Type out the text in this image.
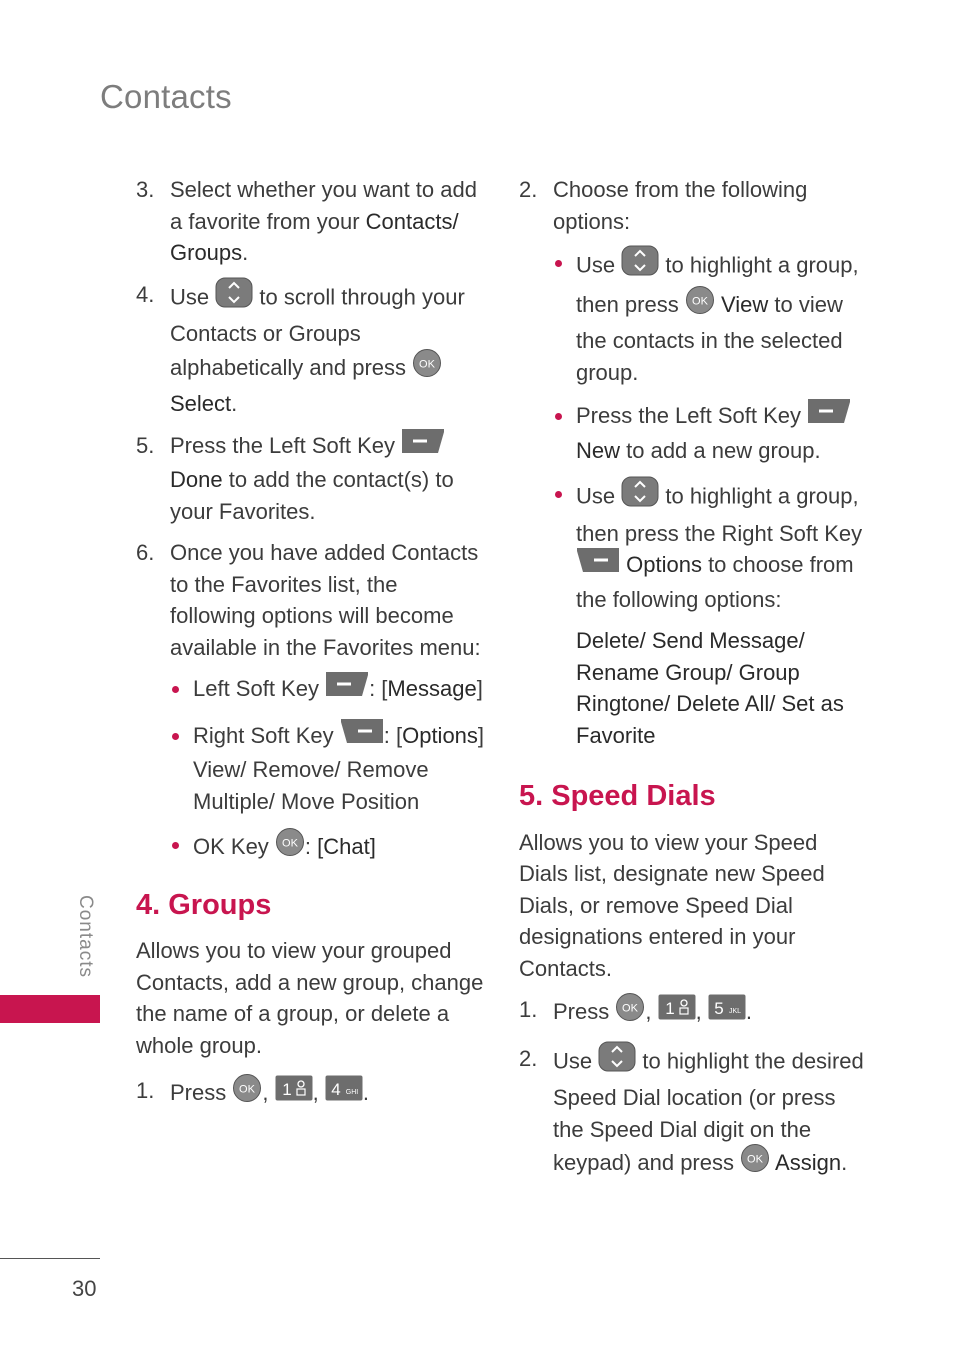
Contacts
Contacts
30
3. Select whether you want to add a favorite from your Contacts/ Groups.
4. Use  to scroll through your Contacts or Groups alphabetically and press OK
Select.
5. Press the Left Soft Key  Done to add the contact(s) to your Favorites.
6. Once you have added Contacts to the Favorites list, the following options will become available in the Favorites menu:
Left Soft Key : [Message]
Right Soft Key : [Options]
View/ Remove/ Remove Multiple/ Move Position
OK Key OK : [Chat]
4. Groups
Allows you to view your grouped Contacts, add a new group, change the name of a group, or delete a whole group.
1. Press OK , 1 , 4 GHI .
2. Choose from the following options:
Use  to highlight a group, then press OK View to view the contacts in the selected group.
Press the Left Soft Key  New to add a new group.
Use  to highlight a group, then press the Right Soft Key  Options to choose from the following options:
Delete/ Send Message/ Rename Group/ Group Ringtone/ Delete All/ Set as Favorite
5. Speed Dials
Allows you to view your Speed Dials list, designate new Speed Dials, or remove Speed Dial designations entered in your Contacts.
1. Press OK , 1 , 5 JKL .
2. Use  to highlight the desired Speed Dial location (or press the Speed Dial digit on the keypad) and press OK Assign.
